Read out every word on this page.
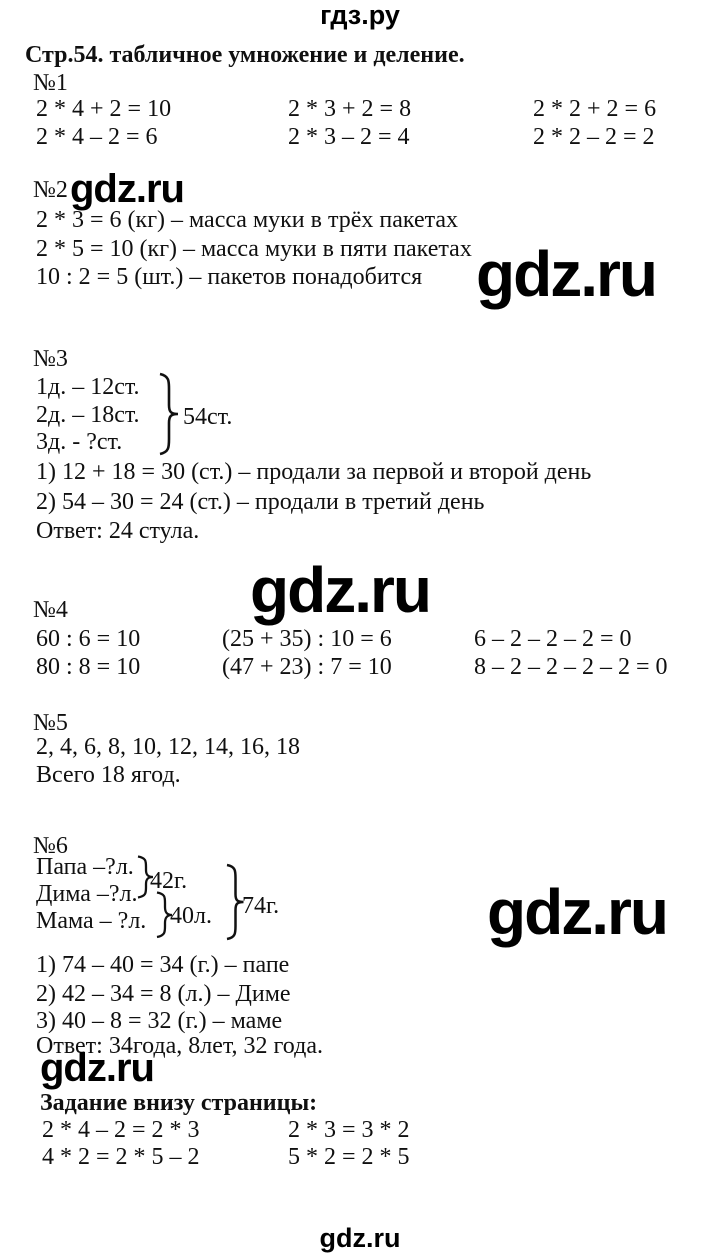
гдз.ру
Стр.54. табличное умножение и деление.
№1
2 * 4 + 2 = 10	2 * 3 + 2 = 8	2 * 2 + 2 = 6
2 * 4 – 2 = 6	2 * 3 – 2 = 4	2 * 2 – 2 = 2
№2 gdz.ru
2 * 3 = 6 (кг) – масса муки в трёх пакетах
2 * 5 = 10 (кг) – масса муки в пяти пакетах
10 : 2 = 5 (шт.) – пакетов понадобится gdz.ru
№3
1д. – 12ст.
2д. – 18ст.
3д. - ?ст.
54ст.
1) 12 + 18 = 30 (ст.) – продали за первой и второй день
2) 54 – 30 = 24 (ст.) – продали в третий день
Ответ: 24 стула.
gdz.ru
№4
60 : 6 = 10	(25 + 35) : 10 = 6	6 – 2 – 2 – 2 = 0
80 : 8 = 10	(47 + 23) : 7 = 10	8 – 2 – 2 – 2 – 2 = 0
№5
2, 4, 6, 8, 10, 12, 14, 16, 18
Всего 18 ягод.
№6
Папа –?л.
Дима –?л.
Мама – ?л.
42г.
40л. 74г.	gdz.ru
1) 74 – 40 = 34 (г.) – папе
2) 42 – 34 = 8 (л.) – Диме
3) 40 – 8 = 32 (г.) – маме
Ответ: 34года, 8лет, 32 года.
gdz.ru
Задание внизу страницы:
2 * 4 – 2 = 2 * 3	2 * 3 = 3 * 2
4 * 2 = 2 * 5 – 2	5 * 2 = 2 * 5
gdz.ru
